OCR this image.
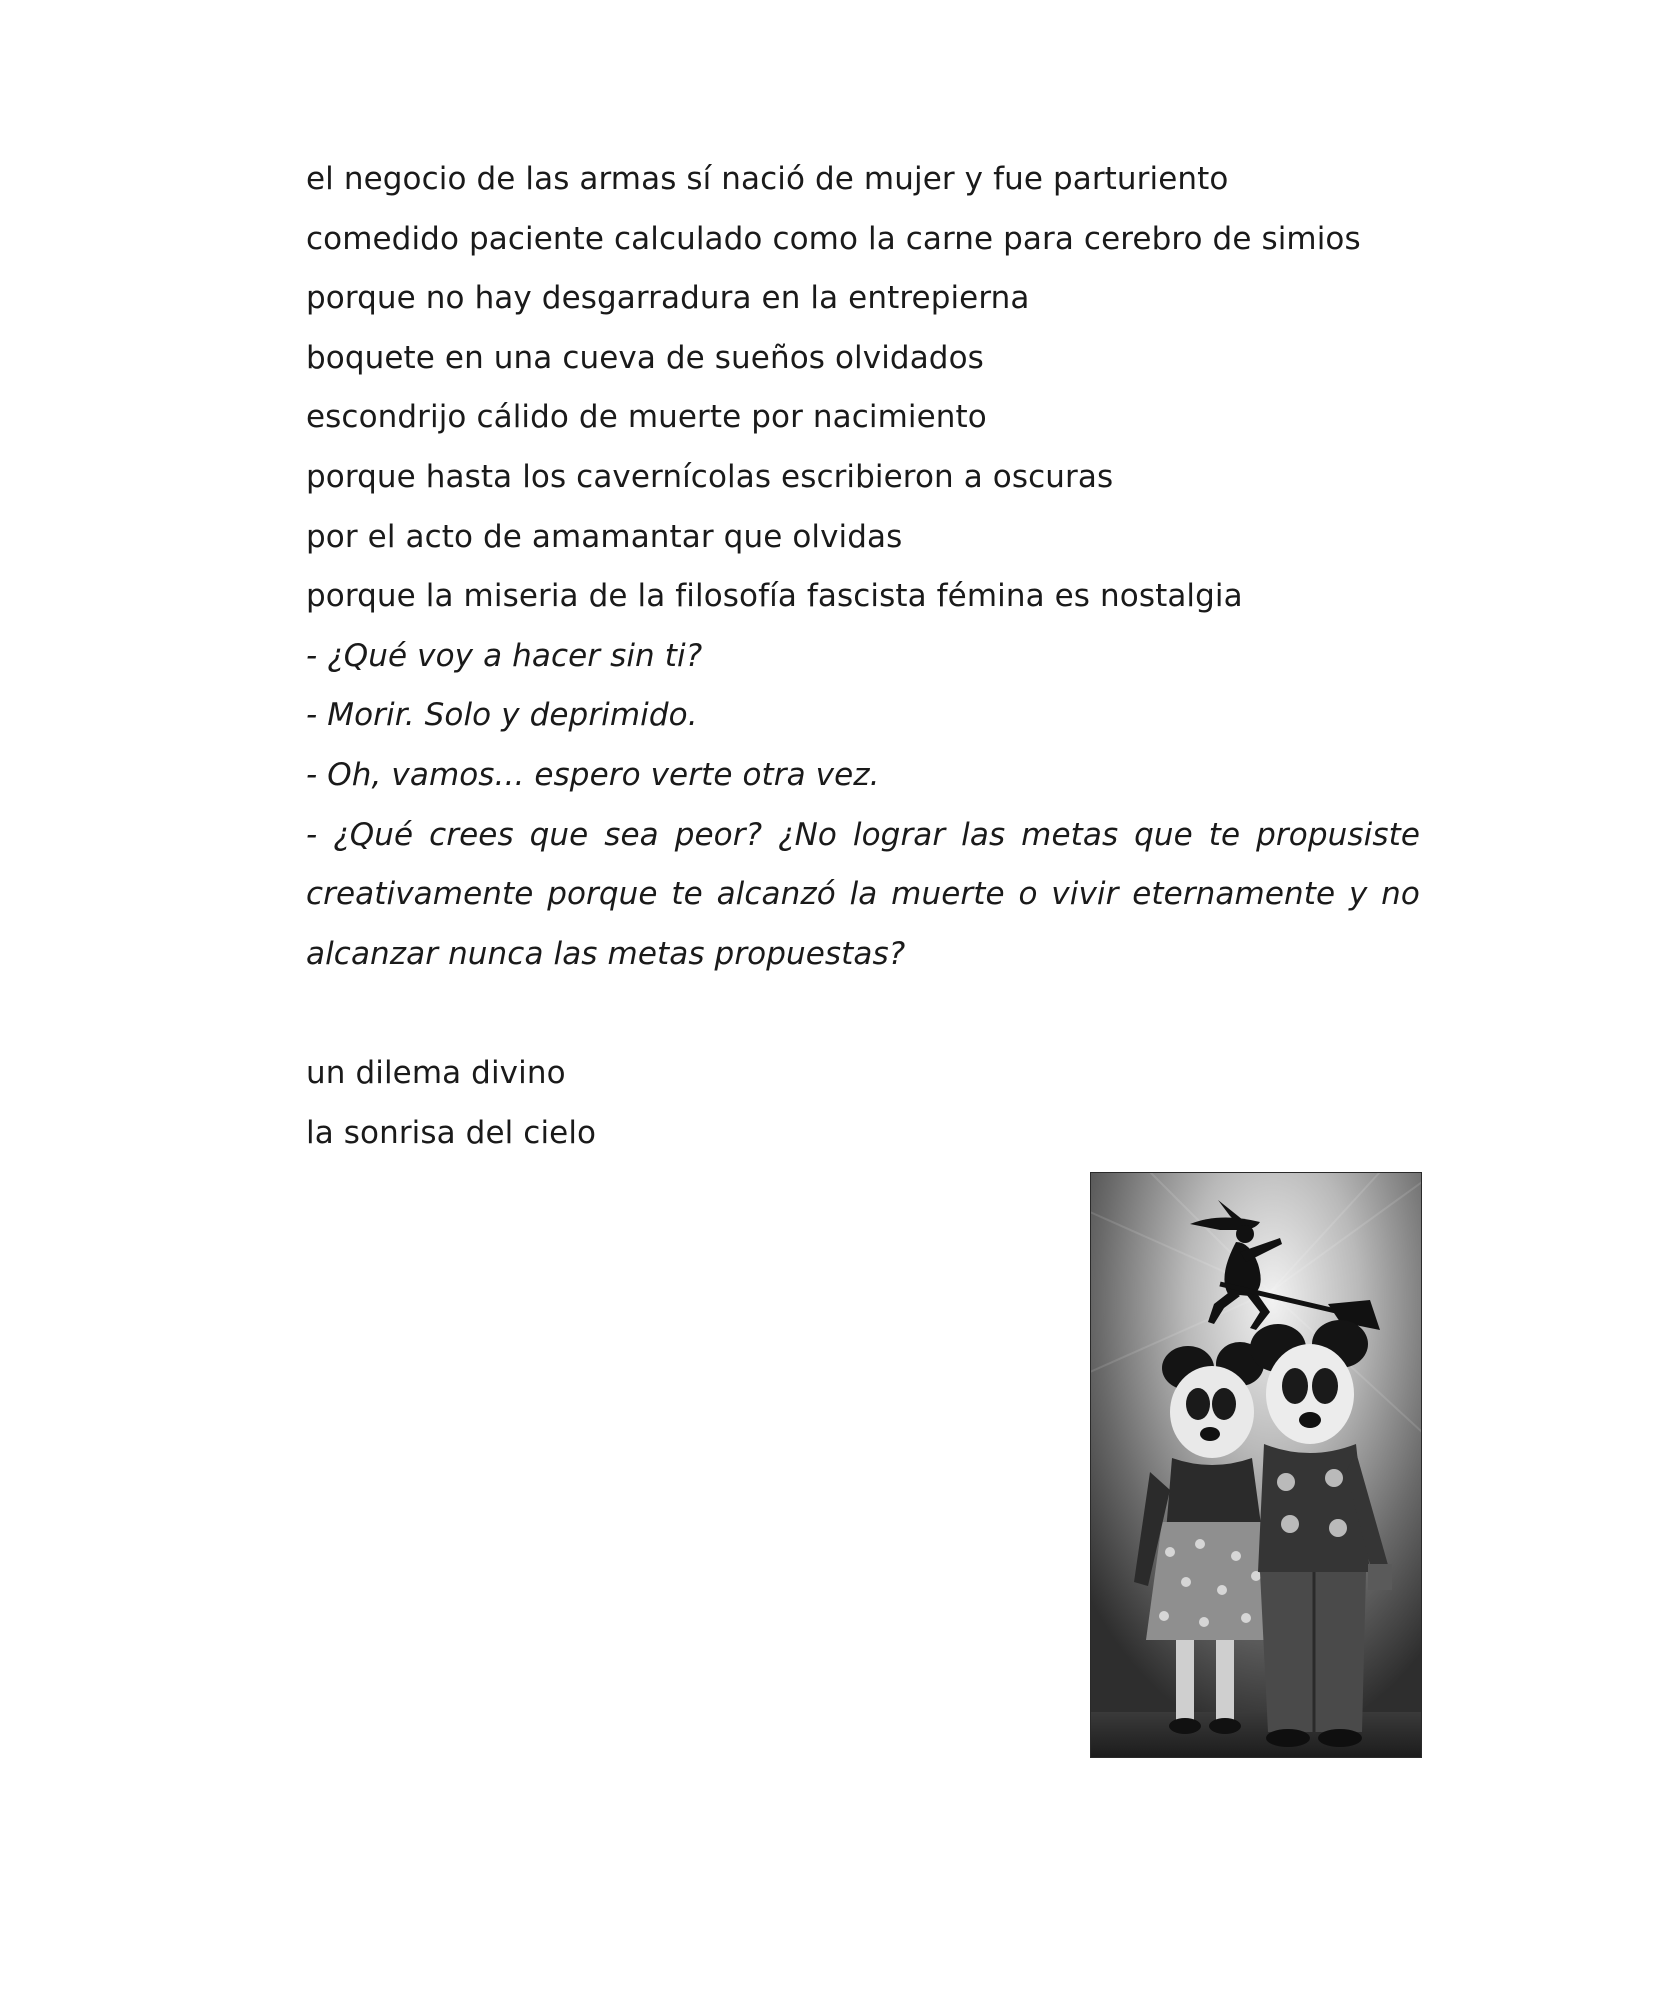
el negocio de las armas sí nació de mujer y fue parturiento
comedido paciente calculado como la carne para cerebro de simios
porque no hay desgarradura en la entrepierna
boquete en una cueva de sueños olvidados
escondrijo cálido de muerte por nacimiento
porque hasta los cavernícolas escribieron a oscuras
por el acto de amamantar que olvidas
porque la miseria de la filosofía fascista fémina es nostalgia
- ¿Qué voy a hacer sin ti?
- Morir. Solo y deprimido.
- Oh, vamos... espero verte otra vez.
- ¿Qué crees que sea peor? ¿No lograr las metas que te propusiste creativamente porque te alcanzó la muerte o vivir eternamente y no alcanzar nunca las metas propuestas?
un dilema divino
la sonrisa del cielo
